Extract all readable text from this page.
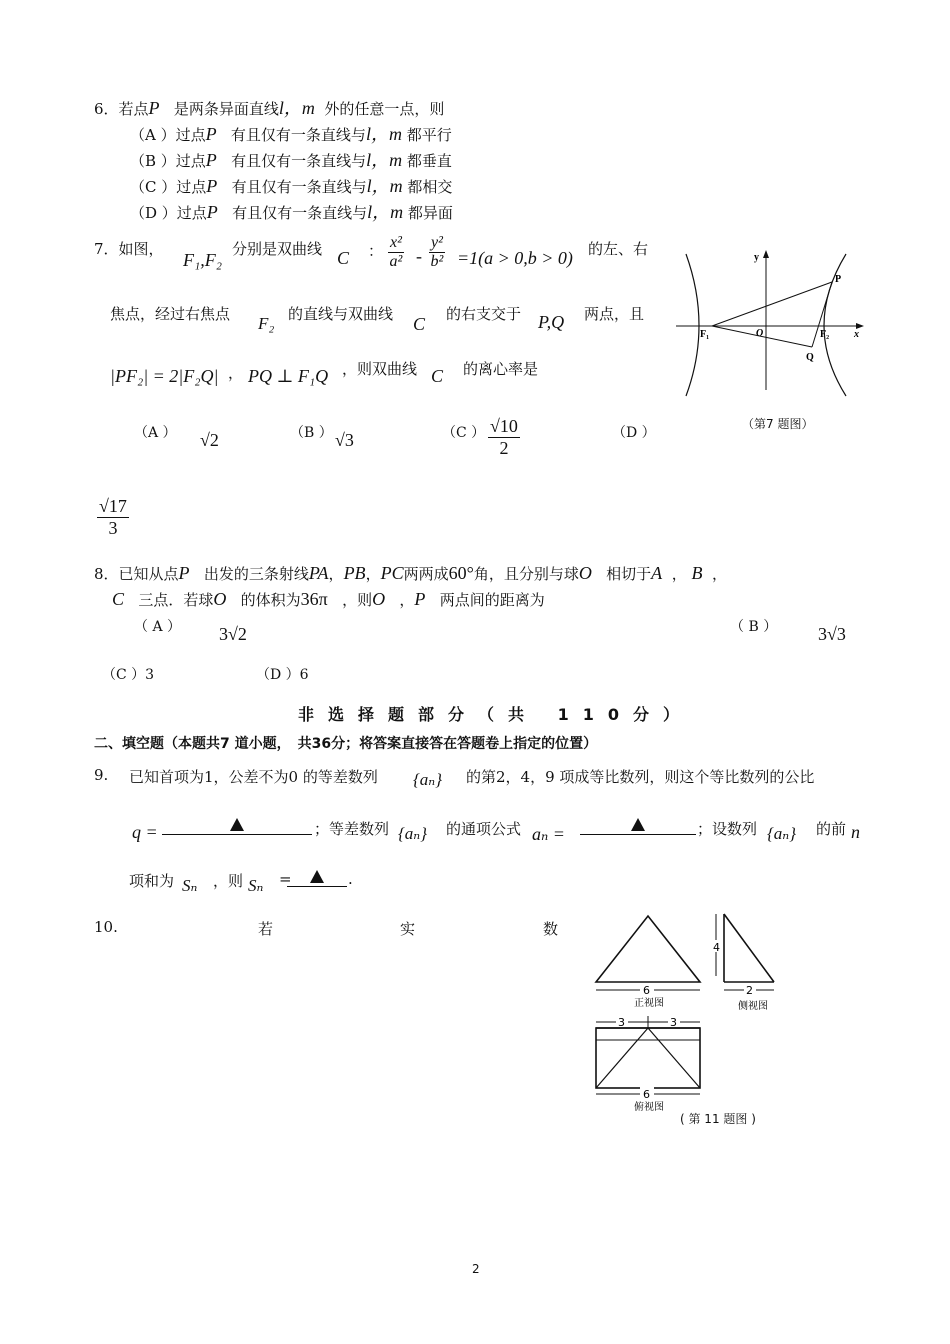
6．若点P 是两条异面直线l，m 外的任意一点，则
（A ）过点P 有且仅有一条直线与l，m 都平行
（B ）过点P 有且仅有一条直线与l，m 都垂直
（C ）过点P 有且仅有一条直线与l，m 都相交
（D ）过点P 有且仅有一条直线与l，m 都异面
7．如图，
F₁,F₂
分别是双曲线 C ： $\frac{\text{x²}}{\text{a²}} - \frac{\text{y²}}{\text{b²}} =1(a > 0,b > 0)$ 的左、右
焦点，经过右焦点 F₂ 的直线与双曲线 C 的右支交于 P,Q 两点，且
|PF₂| = 2|F₂Q| ， PQ ⊥ F₁Q ，则双曲线 C 的离心率是
（A ） √2	（B ） √3	（C ） $\frac{√10}{2}$	（D ）
$\frac{√17}{3}$
y
x
O
F₁	F₂
P
Q
（第7 题图）
8．已知从点P 出发的三条射线PA，PB，PC两两成60°角，且分别与球O 相切于A ， B ，
C 三点．若球O 的体积为36π ，则O ，P 两点间的距离为
（ A ） 3√2	（ B ） 3√3
（C ）3	（D ）6
非选择题部分（共 110分）
二、填空题（本题共7 道小题，　共36分；将答案直接答在答题卷上指定的位置）
9. 已知首项为1，公差不为0 的等差数列 {aₙ} 的第2，4，9 项成等比数列，则这个等比数列的公比
q =	；等差数列 {aₙ} 的通项公式 aₙ =	；设数列 {aₙ} 的前 n
项和为 Sₙ ，则 Sₙ =	.
10.	若	实	数
6
正视图
4
2
侧视图
3	3
6
俯视图
( 第 11 题图 )
2
